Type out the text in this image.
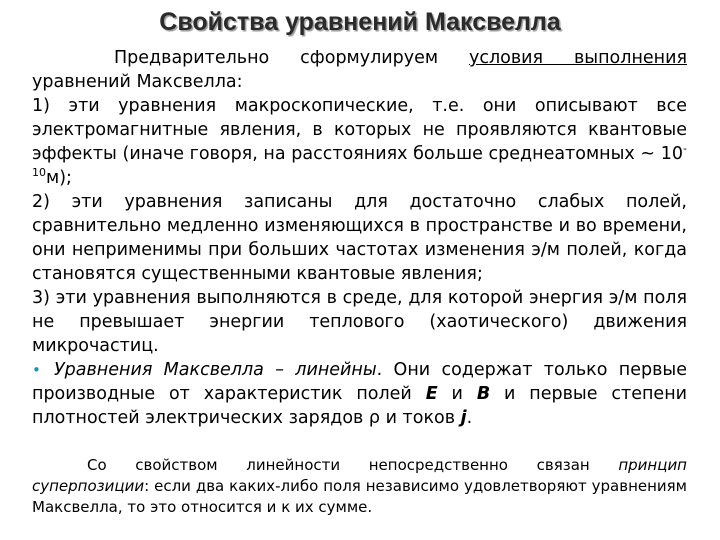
Свойства уравнений Максвелла

Предварительно сформулируем условия выполнения уравнений Максвелла:

1) эти уравнения макроскопические, т.е. они описывают все электромагнитные явления, в которых не проявляются квантовые эффекты (иначе говоря, на расстояниях больше среднеатомных ~ $10^{-10}м$);

2) эти уравнения записаны для достаточно слабых полей, сравнительно медленно изменяющихся в пространстве и во времени, они неприменимы при больших частотах изменения э/м полей, когда становятся существенными квантовые явления;

3) эти уравнения выполняются в среде, для которой энергия э/м поля не превышает энергии теплового (хаотического) движения микрочастиц.

• Уравнения Максвелла – линейны. Они содержат только первые производные от характеристик полей E и B и первые степени плотностей электрических зарядов ρ и токов j.

Со свойством линейности непосредственно связан принцип суперпозиции: если два каких-либо поля независимо удовлетворяют уравнениям Максвелла, то это относится и к их сумме.
